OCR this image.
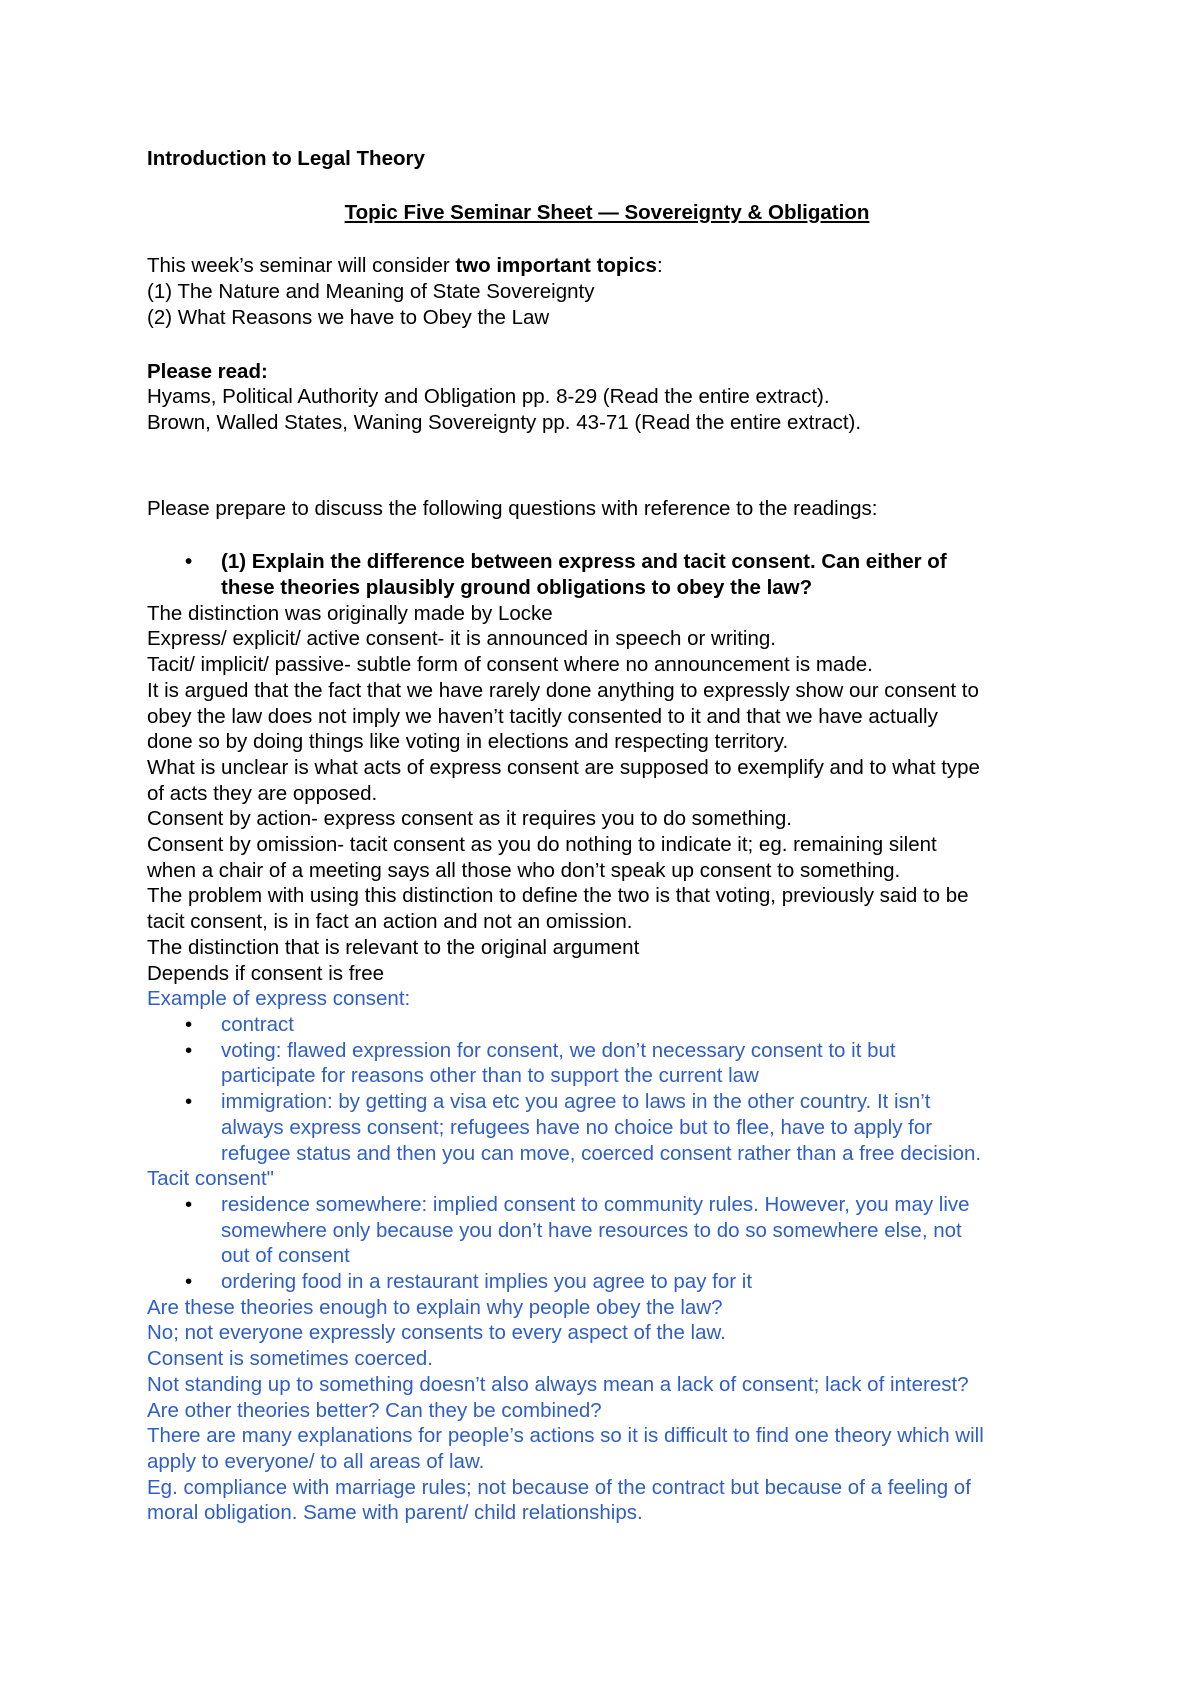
Introduction to Legal Theory

Topic Five Seminar Sheet — Sovereignty & Obligation

This week’s seminar will consider two important topics:

(1) The Nature and Meaning of State Sovereignty

(2) What Reasons we have to Obey the Law

Please read:

Hyams, Political Authority and Obligation pp. 8-29 (Read the entire extract).

Brown, Walled States, Waning Sovereignty pp. 43-71 (Read the entire extract).

Please prepare to discuss the following questions with reference to the readings:

• (1) Explain the difference between express and tacit consent. Can either of
these theories plausibly ground obligations to obey the law?

The distinction was originally made by Locke

Express/ explicit/ active consent- it is announced in speech or writing.

Tacit/ implicit/ passive- subtle form of consent where no announcement is made.

It is argued that the fact that we have rarely done anything to expressly show our consent to

obey the law does not imply we haven’t tacitly consented to it and that we have actually

done so by doing things like voting in elections and respecting territory.

What is unclear is what acts of express consent are supposed to exemplify and to what type

of acts they are opposed.

Consent by action- express consent as it requires you to do something.

Consent by omission- tacit consent as you do nothing to indicate it; eg. remaining silent

when a chair of a meeting says all those who don’t speak up consent to something.

The problem with using this distinction to define the two is that voting, previously said to be

tacit consent, is in fact an action and not an omission.

The distinction that is relevant to the original argument

Depends if consent is free

Example of express consent:

• contract
• voting: flawed expression for consent, we don’t necessary consent to it but
participate for reasons other than to support the current law
• immigration: by getting a visa etc you agree to laws in the other country. It isn’t
always express consent; refugees have no choice but to flee, have to apply for
refugee status and then you can move, coerced consent rather than a free decision.

Tacit consent"

• residence somewhere: implied consent to community rules. However, you may live
somewhere only because you don’t have resources to do so somewhere else, not
out of consent
• ordering food in a restaurant implies you agree to pay for it

Are these theories enough to explain why people obey the law?

No; not everyone expressly consents to every aspect of the law.

Consent is sometimes coerced.

Not standing up to something doesn’t also always mean a lack of consent; lack of interest?

Are other theories better? Can they be combined?

There are many explanations for people’s actions so it is difficult to find one theory which will

apply to everyone/ to all areas of law.

Eg. compliance with marriage rules; not because of the contract but because of a feeling of

moral obligation. Same with parent/ child relationships.
